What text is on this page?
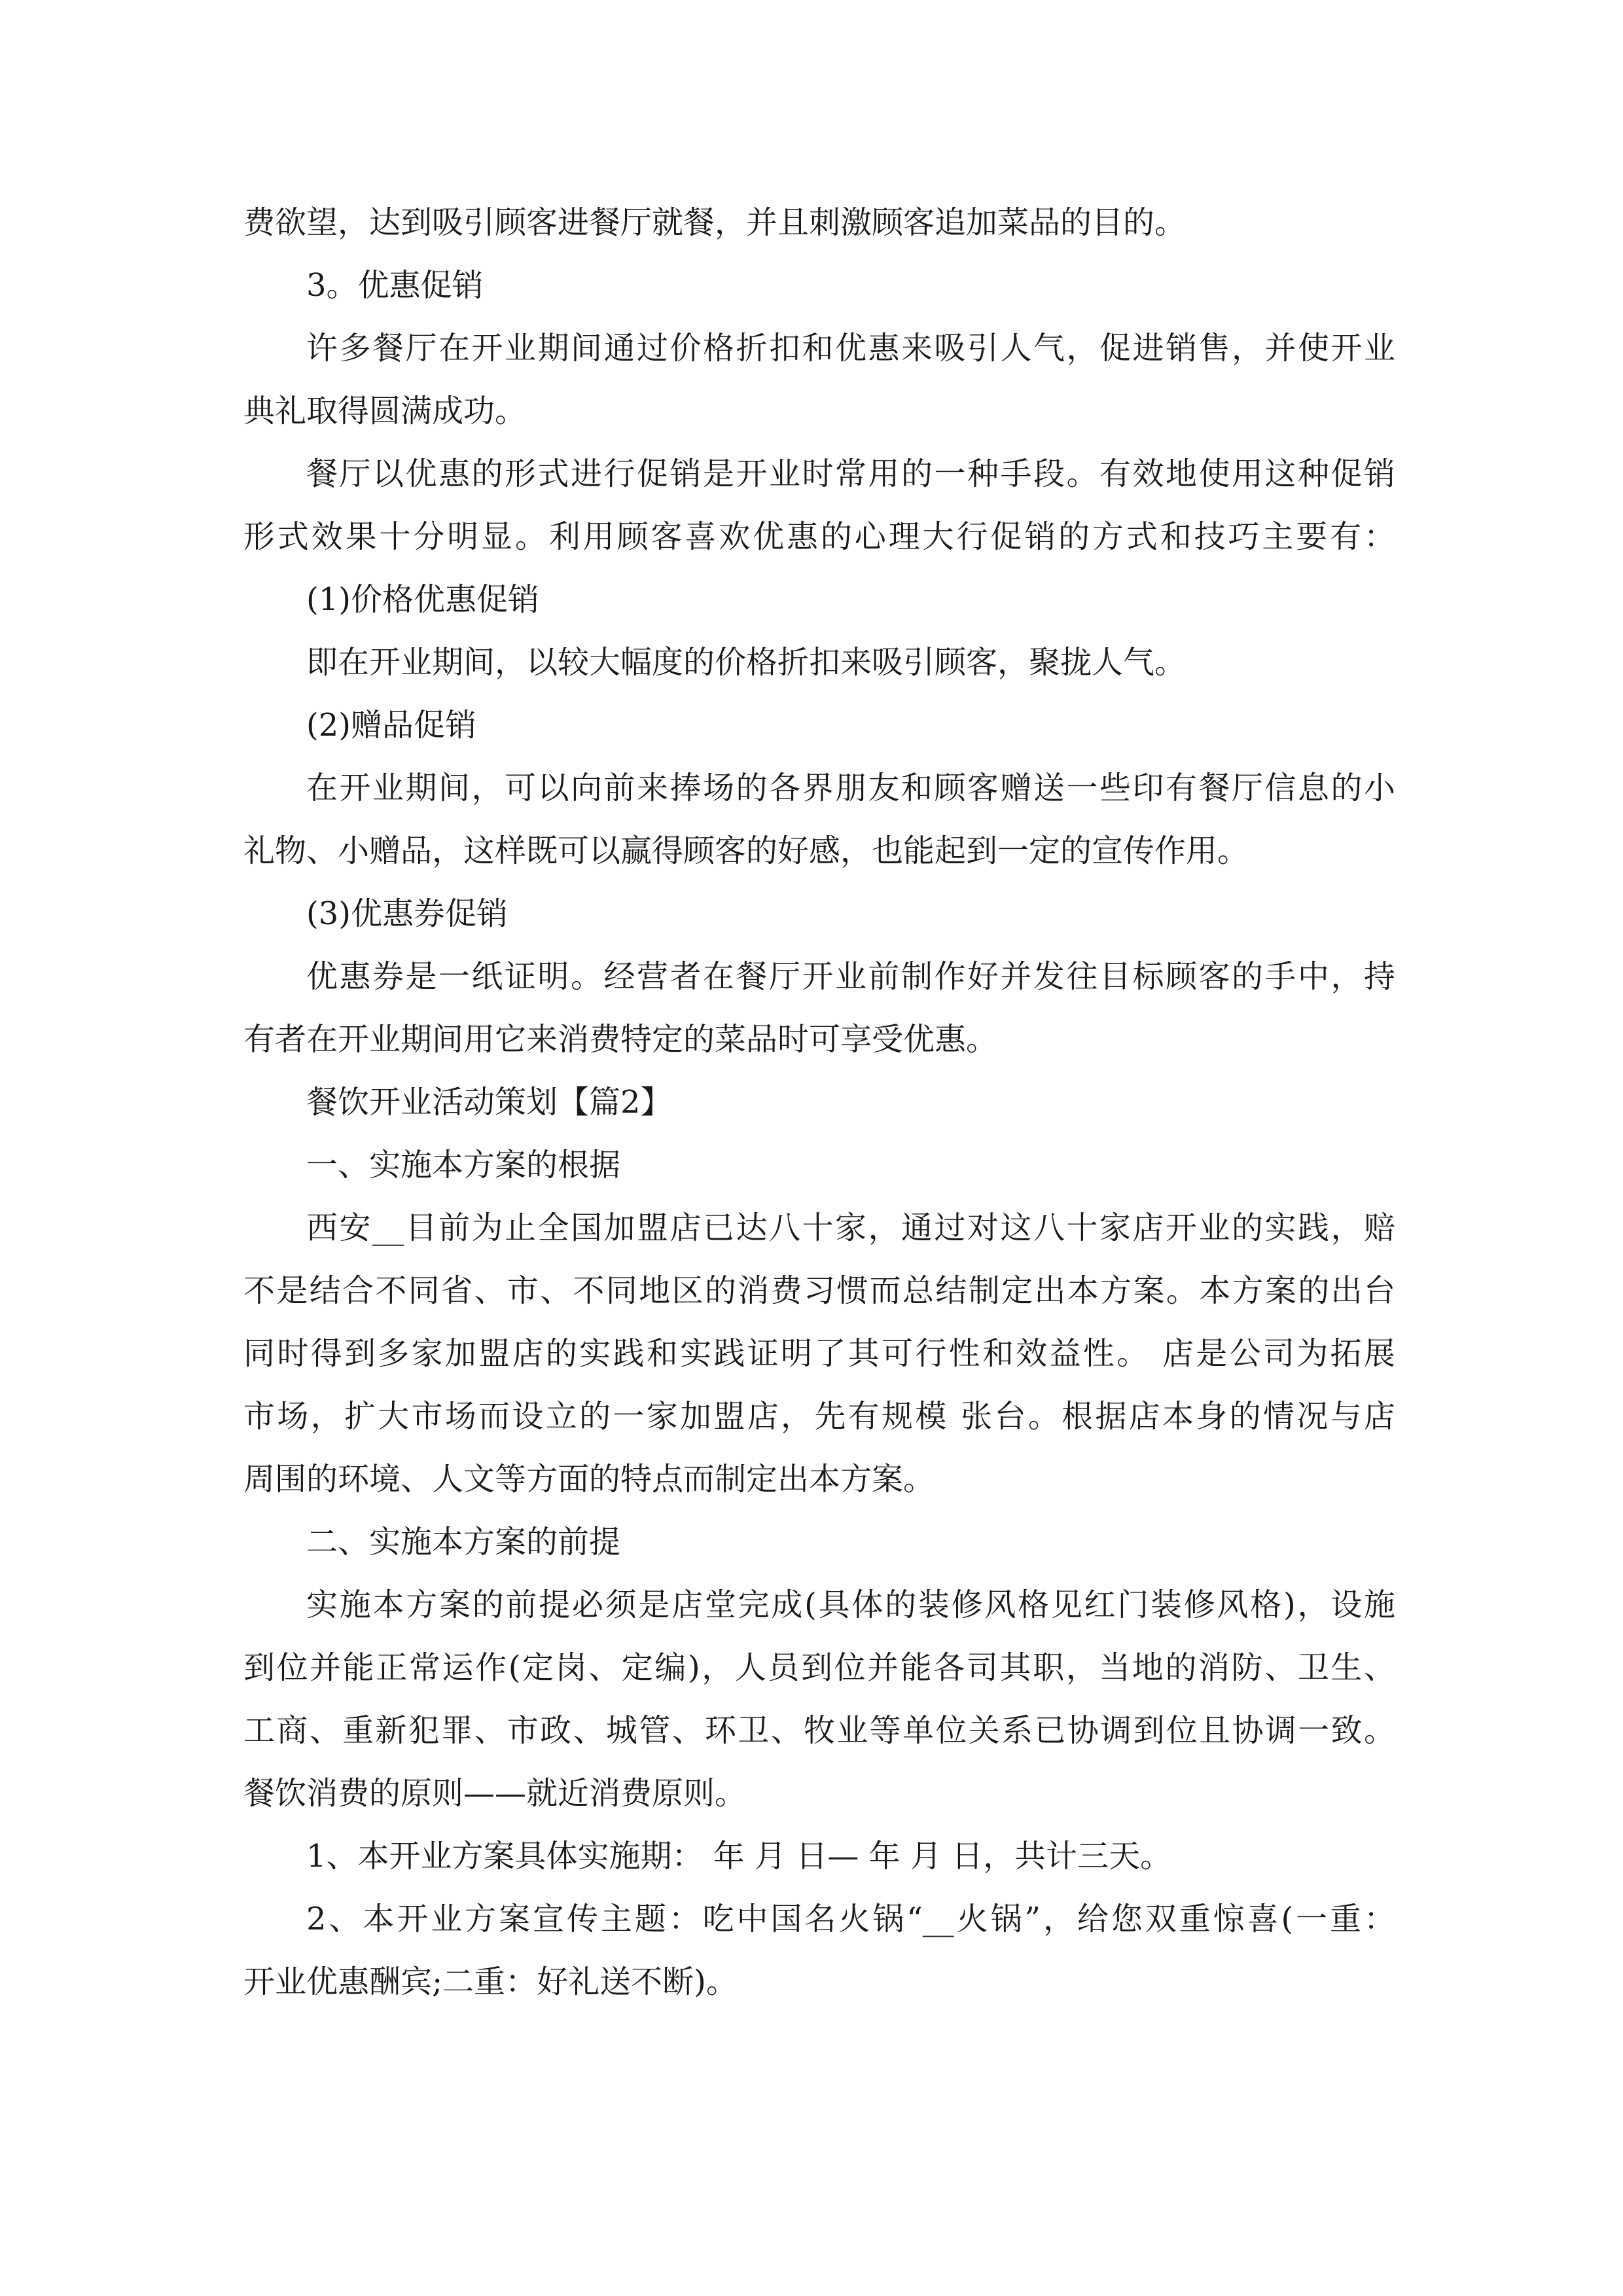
费欲望，达到吸引顾客进餐厅就餐，并且刺激顾客追加菜品的目的。

3。优惠促销

许多餐厅在开业期间通过价格折扣和优惠来吸引人气，促进销售，并使开业

典礼取得圆满成功。

餐厅以优惠的形式进行促销是开业时常用的一种手段。有效地使用这种促销

形式效果十分明显。利用顾客喜欢优惠的心理大行促销的方式和技巧主要有：

(1)价格优惠促销

即在开业期间，以较大幅度的价格折扣来吸引顾客，聚拢人气。

(2)赠品促销

在开业期间，可以向前来捧场的各界朋友和顾客赠送一些印有餐厅信息的小

礼物、小赠品，这样既可以赢得顾客的好感，也能起到一定的宣传作用。

(3)优惠券促销

优惠券是一纸证明。经营者在餐厅开业前制作好并发往目标顾客的手中，持

有者在开业期间用它来消费特定的菜品时可享受优惠。

餐饮开业活动策划【篇2】

一、实施本方案的根据

西安__目前为止全国加盟店已达八十家，通过对这八十家店开业的实践，赔

不是结合不同省、市、不同地区的消费习惯而总结制定出本方案。本方案的出台

同时得到多家加盟店的实践和实践证明了其可行性和效益性。 店是公司为拓展

市场，扩大市场而设立的一家加盟店，先有规模 张台。根据店本身的情况与店

周围的环境、人文等方面的特点而制定出本方案。

二、实施本方案的前提

实施本方案的前提必须是店堂完成(具体的装修风格见红门装修风格)，设施

到位并能正常运作(定岗、定编)，人员到位并能各司其职，当地的消防、卫生、

工商、重新犯罪、市政、城管、环卫、牧业等单位关系已协调到位且协调一致。

餐饮消费的原则——就近消费原则。

1、本开业方案具体实施期： 年 月 日— 年 月 日，共计三天。

2、本开业方案宣传主题：吃中国名火锅“__火锅”，给您双重惊喜(一重：

开业优惠酬宾;二重：好礼送不断)。
